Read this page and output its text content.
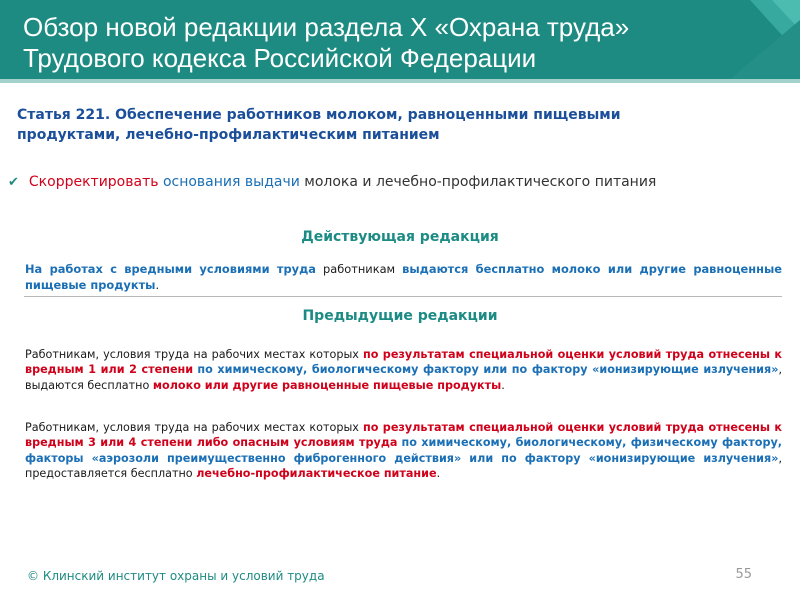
Обзор новой редакции раздела X «Охрана труда»
Трудового кодекса Российской Федерации
Статья 221. Обеспечение работников молоком, равноценными пищевыми
продуктами, лечебно-профилактическим питанием
✔ Скорректировать основания выдачи молока и лечебно-профилактического питания
Действующая редакция
На работах с вредными условиями труда работникам выдаются бесплатно молоко или другие равноценные пищевые продукты.
Предыдущие редакции
Работникам, условия труда на рабочих местах которых по результатам специальной оценки условий труда отнесены к вредным 1 или 2 степени по химическому, биологическому фактору или по фактору «ионизирующие излучения», выдаются бесплатно молоко или другие равноценные пищевые продукты.
Работникам, условия труда на рабочих местах которых по результатам специальной оценки условий труда отнесены к вредным 3 или 4 степени либо опасным условиям труда по химическому, биологическому, физическому фактору, факторы «аэрозоли преимущественно фиброгенного действия» или по фактору «ионизирующие излучения», предоставляется бесплатно лечебно-профилактическое питание.
© Клинский институт охраны и условий труда	55
